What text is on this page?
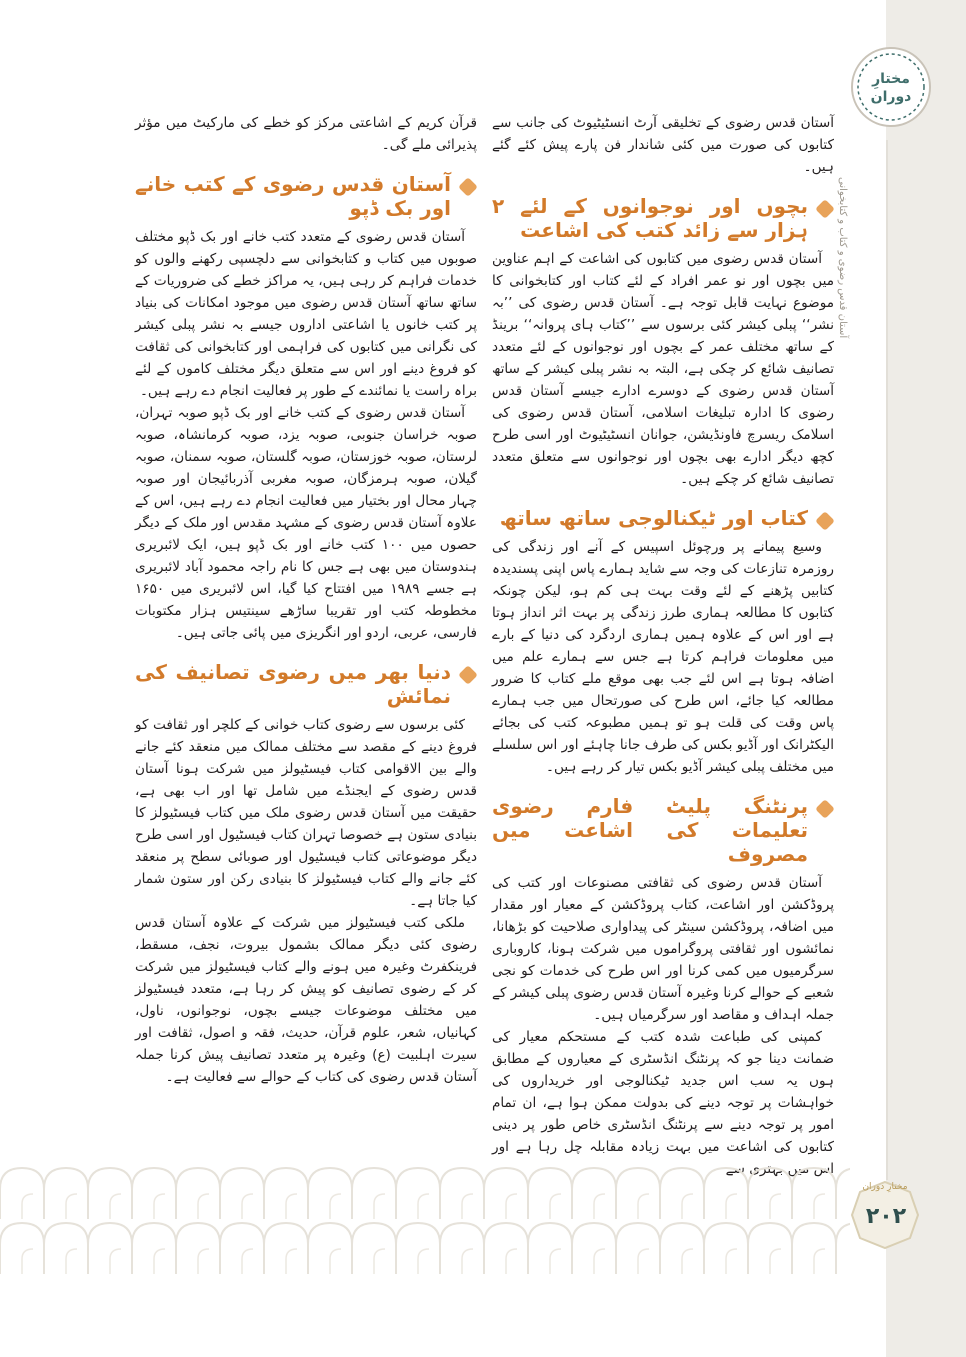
مختارِ دوران
آستان قدس رضوی و کتاب و کتابخوانی
مختارِ دوران
۲۰۲

آستان قدس رضوی کے تخلیقی آرٹ انسٹیٹیوٹ کی جانب سے کتابوں کی صورت میں کئی شاندار فن پارے پیش کئے گئے ہیں۔

بچوں اور نوجوانوں کے لئے ۲ ہزار سے زائد کتب کی اشاعت

آستان قدس رضوی میں کتابوں کی اشاعت کے اہم عناوین میں بچوں اور نو عمر افراد کے لئے کتاب اور کتابخوانی کا موضوع نہایت قابل توجہ ہے۔ آستان قدس رضوی کی ’’بہ نشر‘‘ پبلی کیشر کئی برسوں سے ’’کتاب ہای پروانہ‘‘ برینڈ کے ساتھ مختلف عمر کے بچوں اور نوجوانوں کے لئے متعدد تصانیف شائع کر چکی ہے، البتہ بہ نشر پبلی کیشر کے ساتھ آستان قدس رضوی کے دوسرے ادارے جیسے آستان قدس رضوی کا ادارہ تبلیغات اسلامی، آستان قدس رضوی کی اسلامک ریسرچ فاونڈیشن، جوانان انسٹیٹیوٹ اور اسی طرح کچھ دیگر ادارے بھی بچوں اور نوجوانوں سے متعلق متعدد تصانیف شائع کر چکے ہیں۔

کتاب اور ٹیکنالوجی ساتھ ساتھ

وسیع پیمانے پر ورچوئل اسپیس کے آنے اور زندگی کی روزمرہ تنازعات کی وجہ سے شاید ہمارے پاس اپنی پسندیدہ کتابیں پڑھنے کے لئے وقت بہت ہی کم ہو، لیکن چونکہ کتابوں کا مطالعہ ہماری طرز زندگی پر بہت اثر انداز ہوتا ہے اور اس کے علاوہ ہمیں ہماری اردگرد کی دنیا کے بارے میں معلومات فراہم کرتا ہے جس سے ہمارے علم میں اضافہ ہوتا ہے اس لئے جب بھی موقع ملے کتاب کا ضرور مطالعہ کیا جائے، اس طرح کی صورتحال میں جب ہمارے پاس وقت کی قلت ہو تو ہمیں مطبوعہ کتب کی بجائے الیکٹرانک اور آڈیو بکس کی طرف جانا چاہئے اور اس سلسلے میں مختلف پبلی کیشر آڈیو بکس تیار کر رہے ہیں۔

پرنٹنگ پلیٹ فارم رضوی تعلیمات کی اشاعت میں مصروف

آستان قدس رضوی کی ثقافتی مصنوعات اور کتب کی پروڈکشن اور اشاعت، کتاب پروڈکشن کے معیار اور مقدار میں اضافہ، پروڈکشن سینٹر کی پیداواری صلاحیت کو بڑھانا، نمائشوں اور ثقافتی پروگراموں میں شرکت ہونا، کاروباری سرگرمیوں میں کمی کرنا اور اس طرح کی خدمات کو نجی شعبے کے حوالے کرنا وغیرہ آستان قدس رضوی پبلی کیشر کے جملہ اہداف و مقاصد اور سرگرمیاں ہیں۔

کمپنی کی طباعت شدہ کتب کے مستحکم معیار کی ضمانت دینا جو کہ پرنٹنگ انڈسٹری کے معیاروں کے مطابق ہوں یہ سب اس جدید ٹیکنالوجی اور خریداروں کی خواہشات پر توجہ دینے کی بدولت ممکن ہوا ہے، ان تمام امور پر توجہ دینے سے پرنٹنگ انڈسٹری خاص طور پر دینی کتابوں کی اشاعت میں بہت زیادہ مقابلہ چل رہا ہے اور

قرآن کریم کے اشاعتی مرکز کو خطے کی مارکیٹ میں مؤثر پذیرائی ملے گی۔

آستان قدس رضوی کے کتب خانے اور بک ڈپو

آستان قدس رضوی کے متعدد کتب خانے اور بک ڈپو مختلف صوبوں میں کتاب و کتابخوانی سے دلچسپی رکھنے والوں کو خدمات فراہم کر رہی ہیں، یہ مراکز خطے کی ضروریات کے ساتھ ساتھ آستان قدس رضوی میں موجود امکانات کی بنیاد پر کتب خانوں یا اشاعتی اداروں جیسے بہ نشر پبلی کیشر کی نگرانی میں کتابوں کی فراہمی اور کتابخوانی کی ثقافت کو فروغ دینے اور اس سے متعلق دیگر مختلف کاموں کے لئے براہ راست یا نمائندے کے طور پر فعالیت انجام دے رہے ہیں۔

آستان قدس رضوی کے کتب خانے اور بک ڈپو صوبہ تہران، صوبہ خراسان جنوبی، صوبہ یزد، صوبہ کرمانشاہ، صوبہ لرستان، صوبہ خوزستان، صوبہ گلستان، صوبہ سمنان، صوبہ گیلان، صوبہ ہرمزگان، صوبہ مغربی آذربائیجان اور صوبہ چہار محال اور بختیار میں فعالیت انجام دے رہے ہیں، اس کے علاوہ آستان قدس رضوی کے مشہد مقدس اور ملک کے دیگر حصوں میں ۱۰۰ کتب خانے اور بک ڈپو ہیں، ایک لائبریری ہندوستان میں بھی ہے جس کا نام راجہ محمود آباد لائبریری ہے جسے ۱۹۸۹ میں افتتاح کیا گیا، اس لائبریری میں ۱۶۵۰ مخطوطہ کتب اور تقریبا ساڑھے سینتیس ہزار مکتوبات فارسی، عربی، اردو اور انگریزی میں پائی جاتی ہیں۔

دنیا بھر میں رضوی تصانیف کی نمائش

کئی برسوں سے رضوی کتاب خوانی کے کلچر اور ثقافت کو فروغ دینے کے مقصد سے مختلف ممالک میں منعقد کئے جانے والے بین الاقوامی کتاب فیسٹیولز میں شرکت ہونا آستان قدس رضوی کے ایجنڈے میں شامل تھا اور اب بھی ہے، حقیقت میں آستان قدس رضوی ملک میں کتاب فیسٹیولز کا بنیادی ستون ہے خصوصا تہران کتاب فیسٹیول اور اسی طرح دیگر موضوعاتی کتاب فیسٹیول اور صوبائی سطح پر منعقد کئے جانے والے کتاب فیسٹیولز کا بنیادی رکن اور ستون شمار کیا جاتا ہے۔

ملکی کتب فیسٹیولز میں شرکت کے علاوہ آستان قدس رضوی کئی دیگر ممالک بشمول بیروت، نجف، مسقط، فرینکفرٹ وغیرہ میں ہونے والے کتاب فیسٹیولز میں شرکت کر کے رضوی تصانیف کو پیش کر رہا ہے، متعدد فیسٹیولز میں مختلف موضوعات جیسے بچوں، نوجوانوں، ناول، کہانیاں، شعر، علوم قرآن، حدیث، فقہ و اصول، ثقافت اور سیرت اہلبیت (ع) وغیرہ پر متعدد تصانیف پیش کرنا جملہ آستان قدس رضوی کی کتاب کے حوالے سے فعالیت ہے۔
